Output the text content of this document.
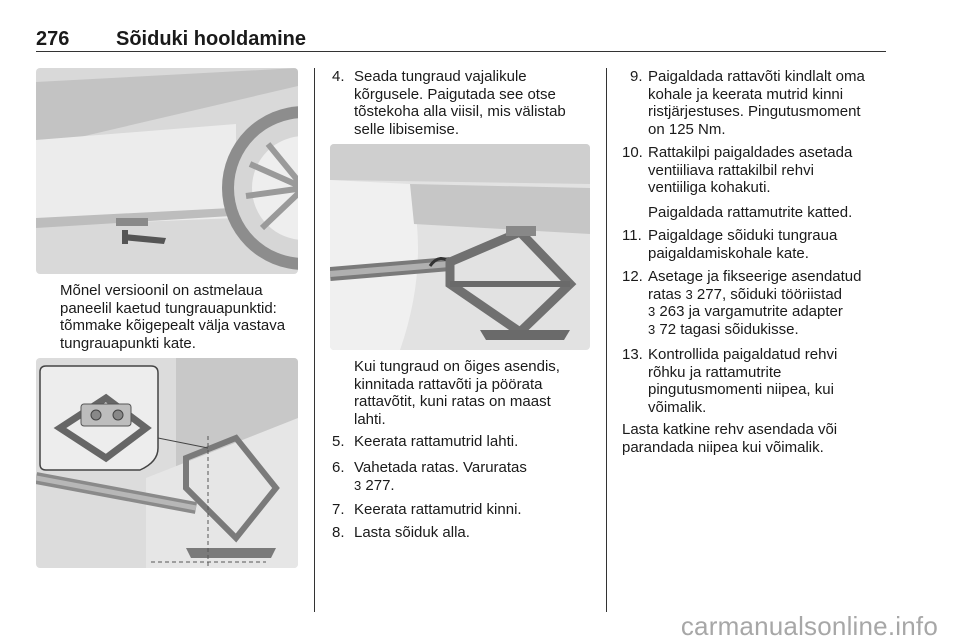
276 Sõiduki hooldamine

Mõnel versioonil on astmelaua
paneelil kaetud tungrauapunktid:
tõmmake kõigepealt välja vastava
tungrauapunkti kate.

4. Seada tungraud vajalikule
kõrgusele. Paigutada see otse
tõstekoha alla viisil, mis välistab
selle libisemise.

Kui tungraud on õiges asendis,
kinnitada rattavõti ja pöörata
rattavõtit, kuni ratas on maast
lahti.

5. Keerata rattamutrid lahti.
6. Vahetada ratas. Varuratas
3 277.
7. Keerata rattamutrid kinni.
8. Lasta sõiduk alla.
9. Paigaldada rattavõti kindlalt oma
kohale ja keerata mutrid kinni
ristjärjestuses. Pingutusmoment
on 125 Nm.
10. Rattakilpi paigaldades asetada
ventiiliava rattakilbil rehvi
ventiiliga kohakuti.
Paigaldada rattamutrite katted.
11. Paigaldage sõiduki tungraua
paigaldamiskohale kate.
12. Asetage ja fikseerige asendatud
ratas 3 277, sõiduki tööriistad
3 263 ja vargamutrite adapter
3 72 tagasi sõidukisse.
13. Kontrollida paigaldatud rehvi
rõhku ja rattamutrite
pingutusmomenti niipea, kui
võimalik.

Lasta katkine rehv asendada või
parandada niipea kui võimalik.

carmanualsonline.info
